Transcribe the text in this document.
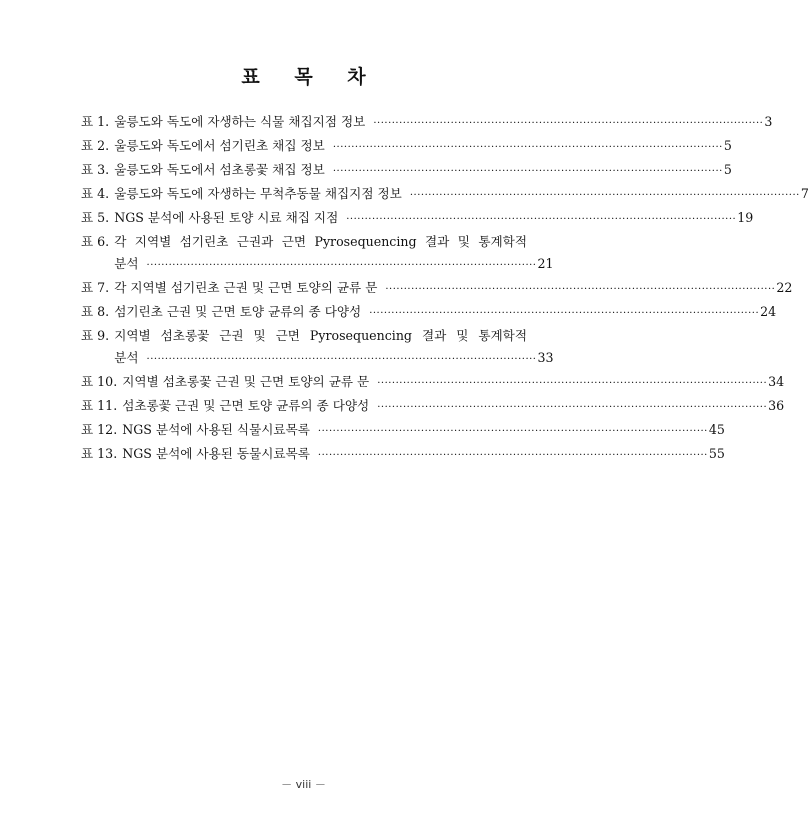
표 목 차
표 1. 울릉도와 독도에 자생하는 식물 채집지점 정보 ·········································································································· 3
표 2. 울릉도와 독도에서 섬기린초 채집 정보 ·········································································································· 5
표 3. 울릉도와 독도에서 섬초롱꽃 채집 정보 ·········································································································· 5
표 4. 울릉도와 독도에 자생하는 무척추동물 채집지점 정보 ·········································································································· 7
표 5. NGS 분석에 사용된 토양 시료 채집 지점 ·········································································································· 19
표 6. 각 지역별 섬기린초 근권과 근면 Pyrosequencing 결과 및 통계학적
분석 ·········································································································· 21
표 7. 각 지역별 섬기린초 근권 및 근면 토양의 균류 문 ·········································································································· 22
표 8. 섬기린초 근권 및 근면 토양 균류의 종 다양성 ·········································································································· 24
표 9. 지역별 섬초롱꽃 근권 및 근면 Pyrosequencing 결과 및 통계학적
분석 ·········································································································· 33
표 10. 지역별 섬초롱꽃 근권 및 근면 토양의 균류 문 ·········································································································· 34
표 11. 섬초롱꽃 근권 및 근면 토양 균류의 종 다양성 ·········································································································· 36
표 12. NGS 분석에 사용된 식물시료목록 ·········································································································· 45
표 13. NGS 분석에 사용된 동물시료목록 ·········································································································· 55
－ viii －
